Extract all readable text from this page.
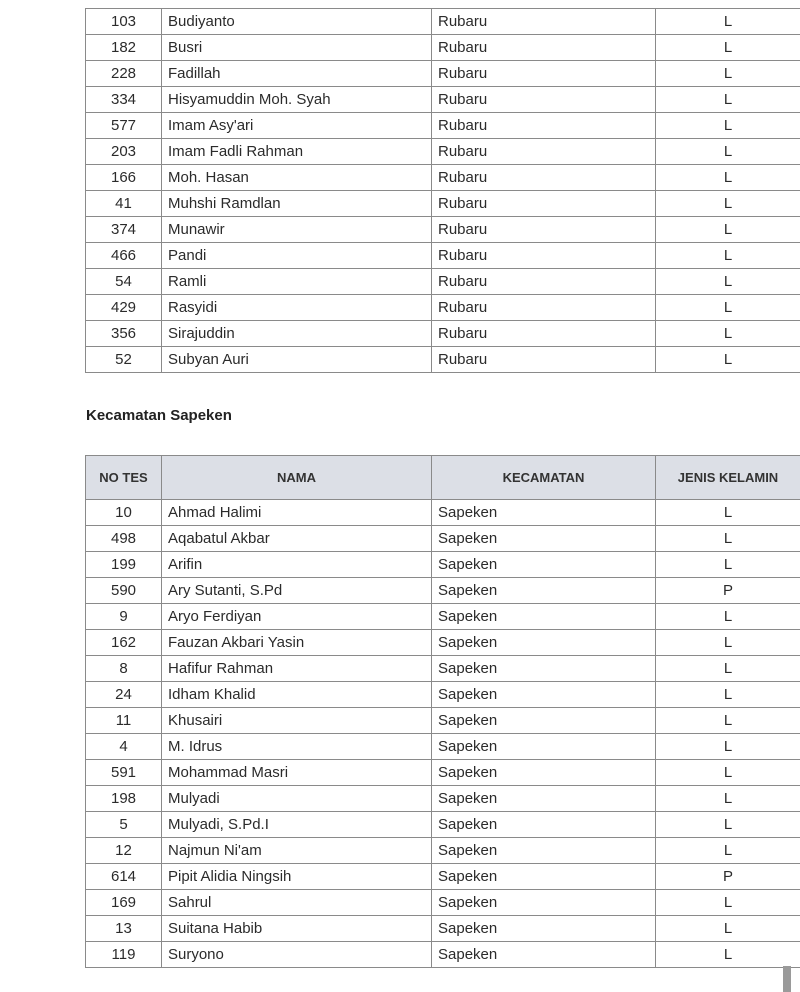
103	Budiyanto	Rubaru	L
182	Busri	Rubaru	L
228	Fadillah	Rubaru	L
334	Hisyamuddin Moh. Syah	Rubaru	L
577	Imam Asy'ari	Rubaru	L
203	Imam Fadli Rahman	Rubaru	L
166	Moh. Hasan	Rubaru	L
41	Muhshi Ramdlan	Rubaru	L
374	Munawir	Rubaru	L
466	Pandi	Rubaru	L
54	Ramli	Rubaru	L
429	Rasyidi	Rubaru	L
356	Sirajuddin	Rubaru	L
52	Subyan Auri	Rubaru	L
Kecamatan Sapeken
NO TES	NAMA	KECAMATAN	JENIS KELAMIN
10	Ahmad Halimi	Sapeken	L
498	Aqabatul Akbar	Sapeken	L
199	Arifin	Sapeken	L
590	Ary Sutanti, S.Pd	Sapeken	P
9	Aryo Ferdiyan	Sapeken	L
162	Fauzan Akbari Yasin	Sapeken	L
8	Hafifur Rahman	Sapeken	L
24	Idham Khalid	Sapeken	L
11	Khusairi	Sapeken	L
4	M. Idrus	Sapeken	L
591	Mohammad Masri	Sapeken	L
198	Mulyadi	Sapeken	L
5	Mulyadi, S.Pd.I	Sapeken	L
12	Najmun Ni'am	Sapeken	L
614	Pipit Alidia Ningsih	Sapeken	P
169	Sahrul	Sapeken	L
13	Suitana Habib	Sapeken	L
119	Suryono	Sapeken	L
